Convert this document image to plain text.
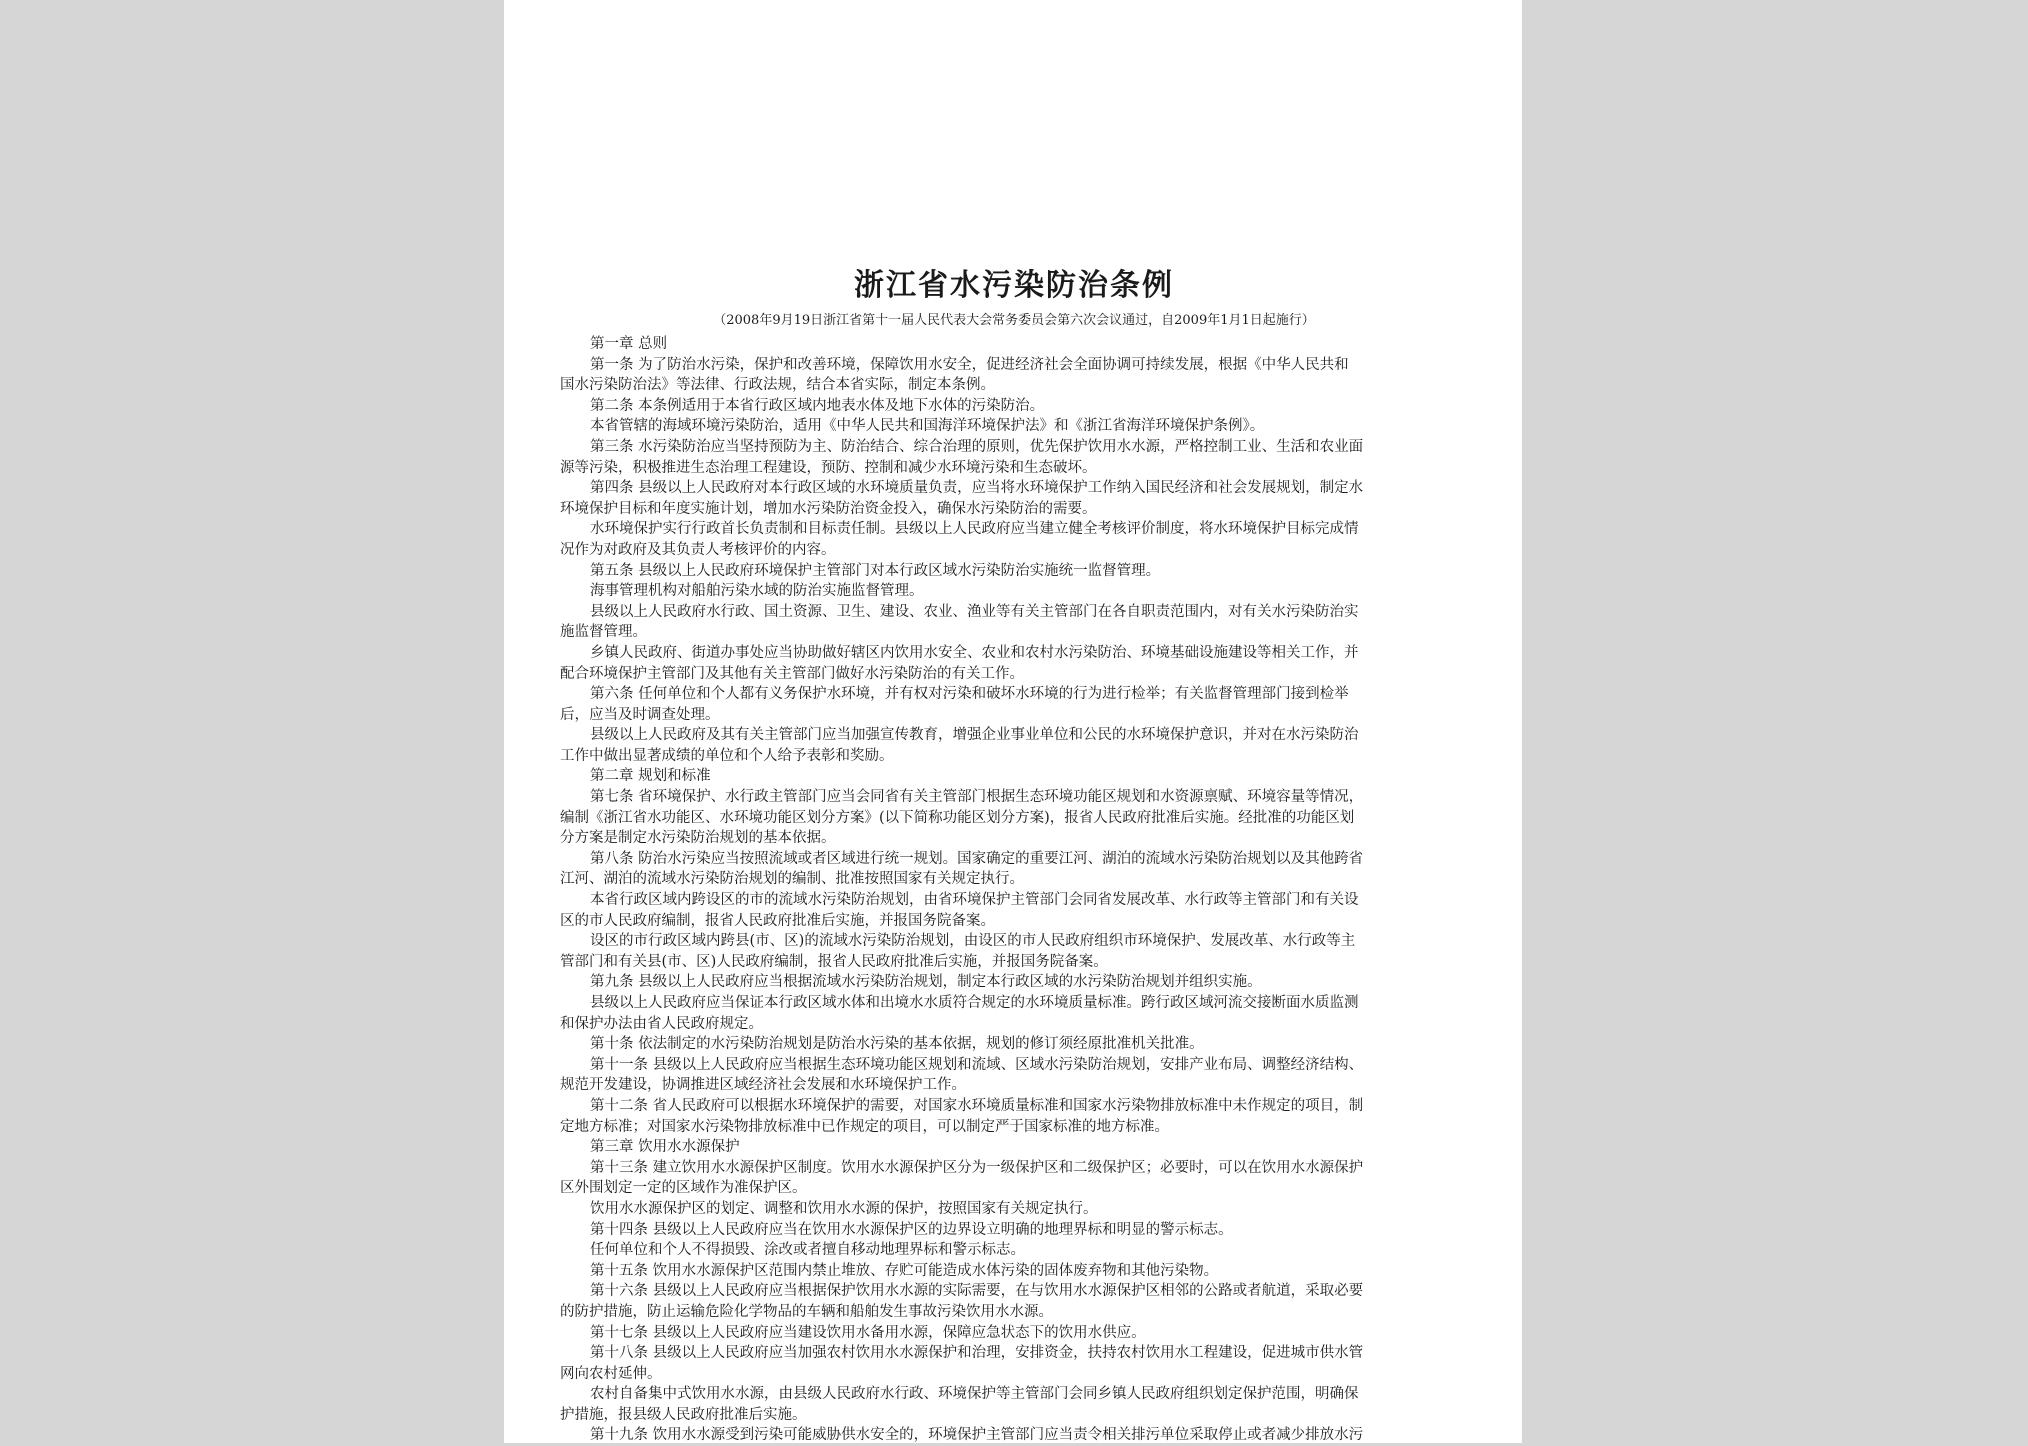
浙江省水污染防治条例

（2008年9月19日浙江省第十一届人民代表大会常务委员会第六次会议通过，自2009年1月1日起施行）

第一章 总则

第一条 为了防治水污染，保护和改善环境，保障饮用水安全，促进经济社会全面协调可持续发展，根据《中华人民共和

国水污染防治法》等法律、行政法规，结合本省实际，制定本条例。

第二条 本条例适用于本省行政区域内地表水体及地下水体的污染防治。

本省管辖的海域环境污染防治，适用《中华人民共和国海洋环境保护法》和《浙江省海洋环境保护条例》。

第三条 水污染防治应当坚持预防为主、防治结合、综合治理的原则，优先保护饮用水水源，严格控制工业、生活和农业面

源等污染，积极推进生态治理工程建设，预防、控制和减少水环境污染和生态破坏。

第四条 县级以上人民政府对本行政区域的水环境质量负责，应当将水环境保护工作纳入国民经济和社会发展规划，制定水

环境保护目标和年度实施计划，增加水污染防治资金投入，确保水污染防治的需要。

水环境保护实行行政首长负责制和目标责任制。县级以上人民政府应当建立健全考核评价制度，将水环境保护目标完成情

况作为对政府及其负责人考核评价的内容。

第五条 县级以上人民政府环境保护主管部门对本行政区域水污染防治实施统一监督管理。

海事管理机构对船舶污染水域的防治实施监督管理。

县级以上人民政府水行政、国土资源、卫生、建设、农业、渔业等有关主管部门在各自职责范围内，对有关水污染防治实

施监督管理。

乡镇人民政府、街道办事处应当协助做好辖区内饮用水安全、农业和农村水污染防治、环境基础设施建设等相关工作，并

配合环境保护主管部门及其他有关主管部门做好水污染防治的有关工作。

第六条 任何单位和个人都有义务保护水环境，并有权对污染和破坏水环境的行为进行检举；有关监督管理部门接到检举

后，应当及时调查处理。

县级以上人民政府及其有关主管部门应当加强宣传教育，增强企业事业单位和公民的水环境保护意识，并对在水污染防治

工作中做出显著成绩的单位和个人给予表彰和奖励。

第二章 规划和标准

第七条 省环境保护、水行政主管部门应当会同省有关主管部门根据生态环境功能区规划和水资源禀赋、环境容量等情况，

编制《浙江省水功能区、水环境功能区划分方案》(以下简称功能区划分方案)，报省人民政府批准后实施。经批准的功能区划

分方案是制定水污染防治规划的基本依据。

第八条 防治水污染应当按照流域或者区域进行统一规划。国家确定的重要江河、湖泊的流域水污染防治规划以及其他跨省

江河、湖泊的流域水污染防治规划的编制、批准按照国家有关规定执行。

本省行政区域内跨设区的市的流域水污染防治规划，由省环境保护主管部门会同省发展改革、水行政等主管部门和有关设

区的市人民政府编制，报省人民政府批准后实施，并报国务院备案。

设区的市行政区域内跨县(市、区)的流域水污染防治规划，由设区的市人民政府组织市环境保护、发展改革、水行政等主

管部门和有关县(市、区)人民政府编制，报省人民政府批准后实施，并报国务院备案。

第九条 县级以上人民政府应当根据流域水污染防治规划，制定本行政区域的水污染防治规划并组织实施。

县级以上人民政府应当保证本行政区域水体和出境水水质符合规定的水环境质量标准。跨行政区域河流交接断面水质监测

和保护办法由省人民政府规定。

第十条 依法制定的水污染防治规划是防治水污染的基本依据，规划的修订须经原批准机关批准。

第十一条 县级以上人民政府应当根据生态环境功能区规划和流域、区域水污染防治规划，安排产业布局、调整经济结构、

规范开发建设，协调推进区域经济社会发展和水环境保护工作。

第十二条 省人民政府可以根据水环境保护的需要，对国家水环境质量标准和国家水污染物排放标准中未作规定的项目，制

定地方标准；对国家水污染物排放标准中已作规定的项目，可以制定严于国家标准的地方标准。

第三章 饮用水水源保护

第十三条 建立饮用水水源保护区制度。饮用水水源保护区分为一级保护区和二级保护区；必要时，可以在饮用水水源保护

区外围划定一定的区域作为准保护区。

饮用水水源保护区的划定、调整和饮用水水源的保护，按照国家有关规定执行。

第十四条 县级以上人民政府应当在饮用水水源保护区的边界设立明确的地理界标和明显的警示标志。

任何单位和个人不得损毁、涂改或者擅自移动地理界标和警示标志。

第十五条 饮用水水源保护区范围内禁止堆放、存贮可能造成水体污染的固体废弃物和其他污染物。

第十六条 县级以上人民政府应当根据保护饮用水水源的实际需要，在与饮用水水源保护区相邻的公路或者航道，采取必要

的防护措施，防止运输危险化学物品的车辆和船舶发生事故污染饮用水水源。

第十七条 县级以上人民政府应当建设饮用水备用水源，保障应急状态下的饮用水供应。

第十八条 县级以上人民政府应当加强农村饮用水水源保护和治理，安排资金，扶持农村饮用水工程建设，促进城市供水管

网向农村延伸。

农村自备集中式饮用水水源，由县级人民政府水行政、环境保护等主管部门会同乡镇人民政府组织划定保护范围，明确保

护措施，报县级人民政府批准后实施。

第十九条 饮用水水源受到污染可能威胁供水安全的，环境保护主管部门应当责令相关排污单位采取停止或者减少排放水污
